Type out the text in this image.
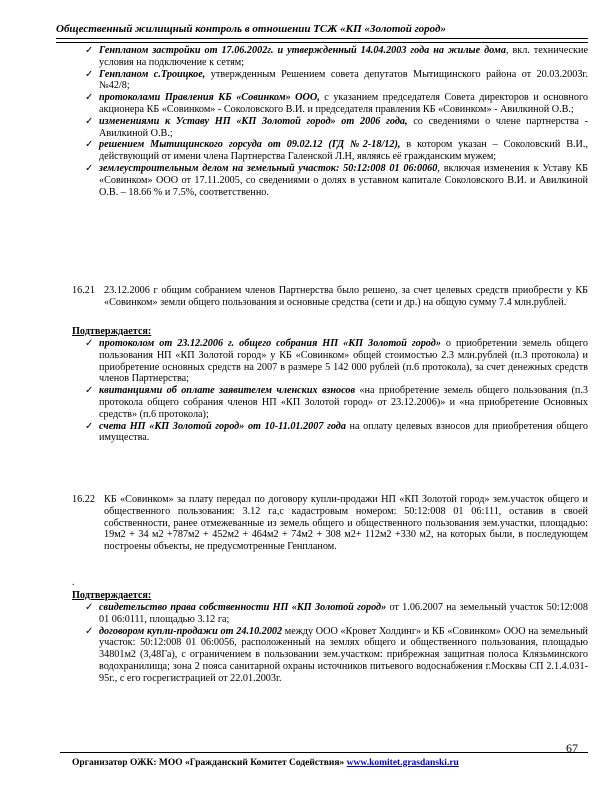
Общественный жилищный контроль в отношении ТСЖ «КП «Золотой город»
✓ Генпланом застройки от 17.06.2002г. и утвержденный 14.04.2003 года на жилые дома, вкл. технические условия на подключение к сетям;
✓ Генпланом с.Троицкое, утвержденным Решением совета депутатов Мытищинского района от 20.03.2003г. №42/8;
✓ протоколами Правления КБ «Совинком» ООО, с указанием председателя Совета директоров и основного акционера КБ «Совинком» - Соколовского В.И. и председателя правления КБ «Совинком» - Авилкиной О.В.;
✓ изменениями к Уставу НП «КП Золотой город» от 2006 года, со сведениями о члене партнерства - Авилкиной О.В.;
✓ решением Мытищинского горсуда от 09.02.12 (ГД №2-18/12), в котором указан – Соколовский В.И., действующий от имени члена Партнерства Галенской Л.Н, являясь её гражданским мужем;
✓ землеустроительным делом на земельный участок: 50:12:008 01 06:0060, включая изменения к Уставу КБ «Совинком» ООО от 17.11.2005, со сведениями о долях в уставном капитале Соколовского В.И. и Авилкиной О.В. – 18.66 % и 7.5%, соответственно.
16.21 23.12.2006 г общим собранием членов Партнерства было решено, за счет целевых средств приобрести у КБ «Совинком» земли общего пользования и основные средства (сети и др.) на общую сумму 7.4 млн.рублей.
Подтверждается:
✓ протоколом от 23.12.2006 г. общего собрания НП «КП Золотой город» о приобретении земель общего пользования НП «КП Золотой город» у КБ «Совинком» общей стоимостью 2.3 млн.рублей (п.3 протокола) и приобретение основных средств на 2007 в размере 5 142 000 рублей (п.6 протокола), за счет денежных средств членов Партнерства;
✓ квитанциями об оплате заявителем членских взносов «на приобретение земель общего пользования (п.3 протокола общего собрания членов НП «КП Золотой город» от 23.12.2006)» и «на приобретение Основных средств» (п.6 протокола);
✓ счета НП «КП Золотой город» от 10-11.01.2007 года на оплату целевых взносов для приобретения общего имущества.
16.22 КБ «Совинком» за плату передал по договору купли-продажи НП «КП Золотой город» зем.участок общего и общественного пользования: 3.12 га,с кадастровым номером: 50:12:008 01 06:111, оставив в своей собственности, ранее отмежеванные из земель общего и общественного пользования зем.участки, площадью: 19м2 + 34 м2 +787м2 + 452м2 + 464м2 + 74м2 + 308 м2+ 112м2 +330 м2, на которых были, в последующем построены объекты, не предусмотренные Генпланом.
.
Подтверждается:
✓ свидетельство права собственности НП «КП Золотой город» от 1.06.2007 на земельный участок 50:12:008 01 06:0111, площадью 3.12 га;
✓ договором купли-продажи от 24.10.2002 между ООО «Кровет Холдинг» и КБ «Совинком» ООО на земельный участок: 50:12:008 01 06:0056, расположенный на землях общего и общественного пользования, площадью 34801м2 (3,48Га), с ограничением в пользовании зем.участком: прибрежная защитная полоса Клязьминского водохранилища; зона 2 пояса санитарной охраны источников питьевого водоснабжения г.Москвы СП 2.1.4.031-95г., с его госрегистрацией от 22.01.2003г.
67
Организатор ОЖК: МОО «Гражданский Комитет Содействия» www.komitet.grasdanski.ru
